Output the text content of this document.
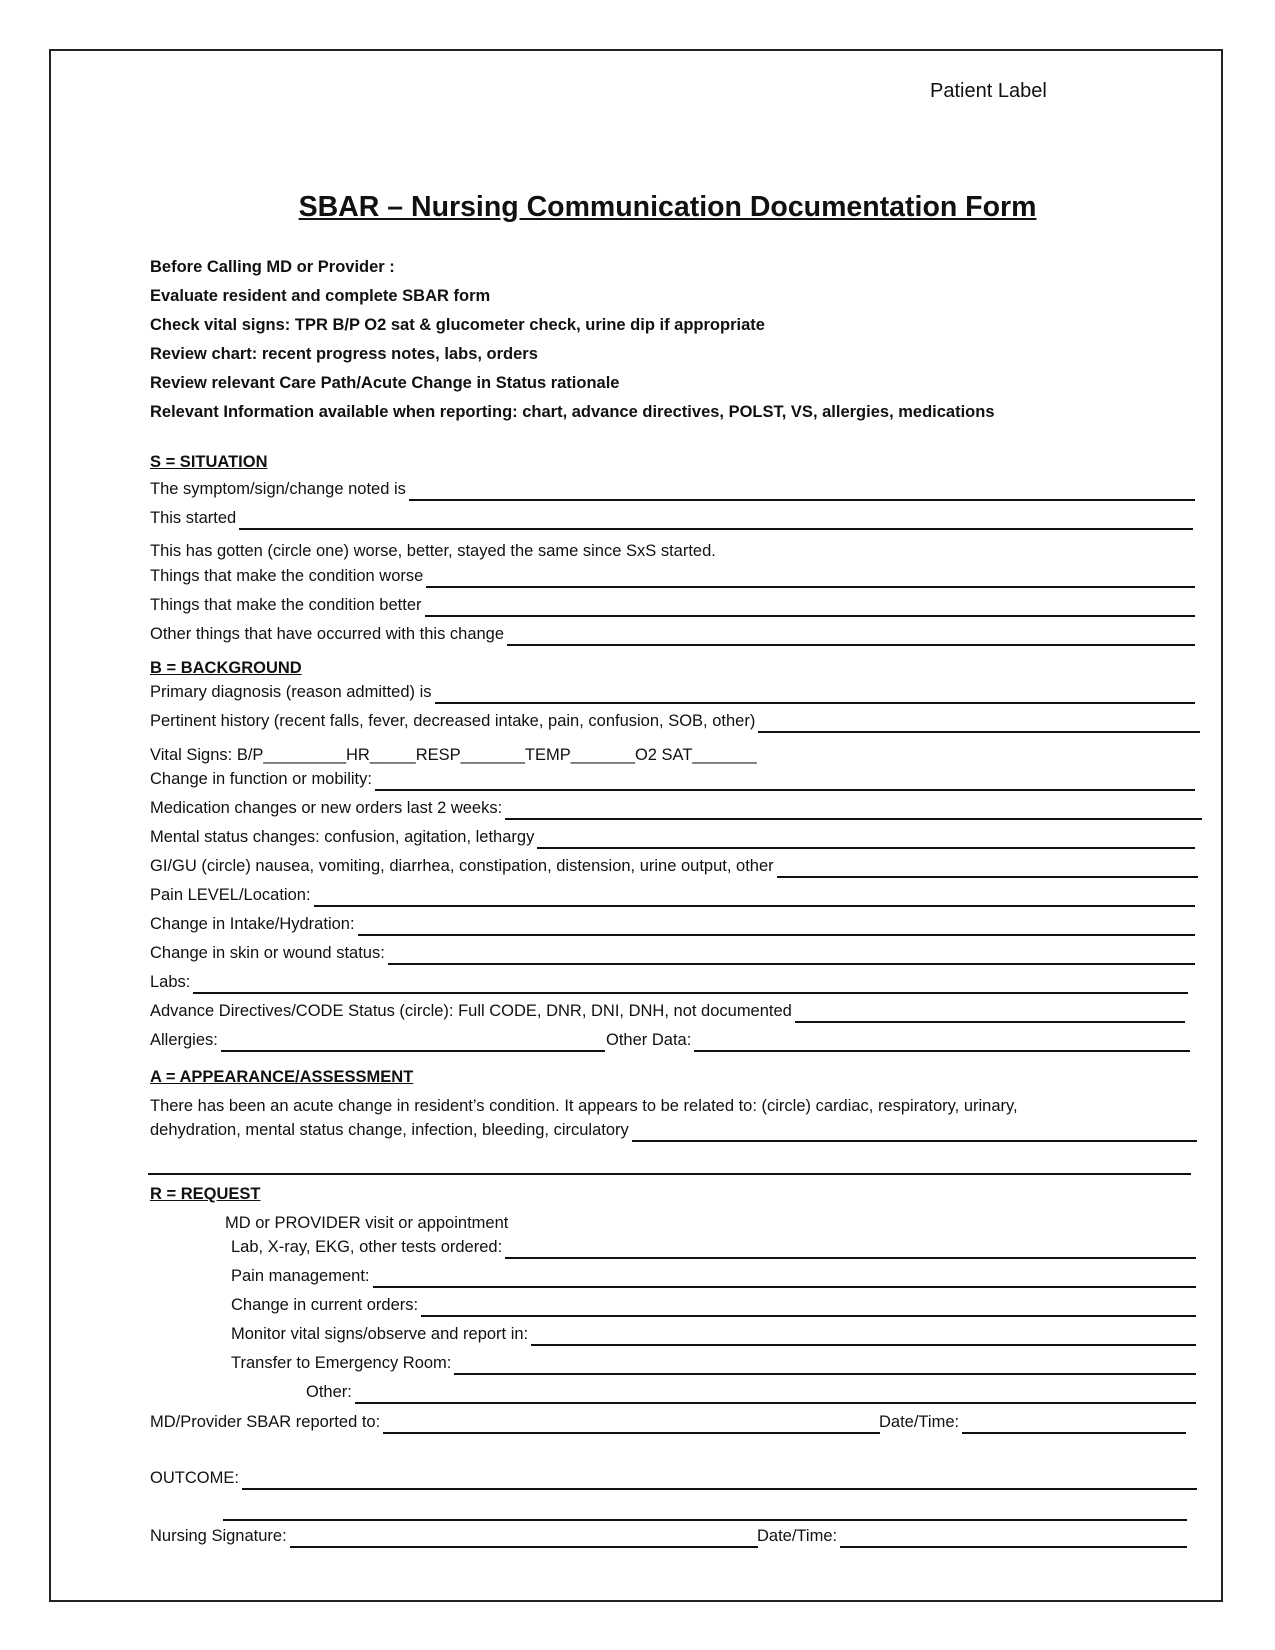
Patient Label
SBAR – Nursing Communication Documentation Form
Before Calling MD or Provider :
Evaluate resident and complete SBAR form
Check vital signs: TPR B/P O2 sat & glucometer check, urine dip if appropriate
Review chart: recent progress notes, labs, orders
Review relevant Care Path/Acute Change in Status rationale
Relevant Information available when reporting: chart, advance directives, POLST, VS, allergies, medications
S = SITUATION
The symptom/sign/change noted is
This started
This has gotten (circle one) worse, better, stayed the same since SxS started.
Things that make the condition worse
Things that make the condition better
Other things that have occurred with this change
B = BACKGROUND
Primary diagnosis (reason admitted) is
Pertinent history (recent falls, fever, decreased intake, pain, confusion, SOB, other)
Vital Signs: B/P_________HR_____RESP_______TEMP_______O2 SAT_______
Change in function or mobility:
Medication changes or new orders last 2 weeks:
Mental status changes: confusion, agitation, lethargy
GI/GU (circle) nausea, vomiting, diarrhea, constipation, distension, urine output, other
Pain LEVEL/Location:
Change in Intake/Hydration:
Change in skin or wound status:
Labs:
Advance Directives/CODE Status (circle): Full CODE, DNR, DNI, DNH, not documented
Allergies:	Other Data:
A = APPEARANCE/ASSESSMENT
There has been an acute change in resident’s condition. It appears to be related to: (circle) cardiac, respiratory, urinary,
dehydration, mental status change, infection, bleeding, circulatory
R = REQUEST
MD or PROVIDER visit or appointment
Lab, X-ray, EKG, other tests ordered:
Pain management:
Change in current orders:
Monitor vital signs/observe and report in:
Transfer to Emergency Room:
Other:
MD/Provider SBAR reported to:	Date/Time:
OUTCOME:
Nursing Signature:	Date/Time:
